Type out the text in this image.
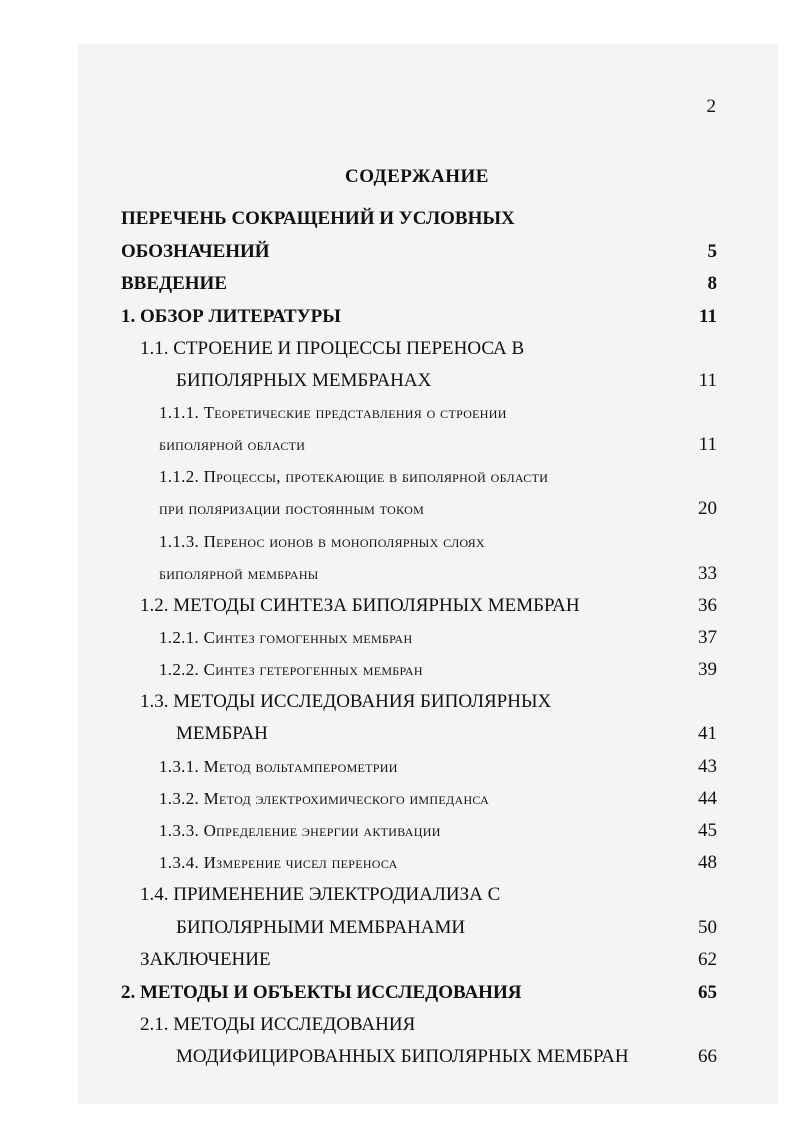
2
СОДЕРЖАНИЕ
ПЕРЕЧЕНЬ СОКРАЩЕНИЙ И УСЛОВНЫХ
ОБОЗНАЧЕНИЙ	5
ВВЕДЕНИЕ	8
1. ОБЗОР ЛИТЕРАТУРЫ	11
1.1. СТРОЕНИЕ И ПРОЦЕССЫ ПЕРЕНОСА В
БИПОЛЯРНЫХ МЕМБРАНАХ	11
1.1.1. Теоретические представления о строении
биполярной области	11
1.1.2. Процессы, протекающие в биполярной области
при поляризации постоянным током	20
1.1.3. Перенос ионов в монополярных слоях
биполярной мембраны	33
1.2. МЕТОДЫ СИНТЕЗА БИПОЛЯРНЫХ МЕМБРАН	36
1.2.1. Синтез гомогенных мембран	37
1.2.2. Синтез гетерогенных мембран	39
1.3. МЕТОДЫ ИССЛЕДОВАНИЯ БИПОЛЯРНЫХ
МЕМБРАН	41
1.3.1. Метод вольтамперометрии	43
1.3.2. Метод электрохимического импеданса	44
1.3.3. Определение энергии активации	45
1.3.4. Измерение чисел переноса	48
1.4. ПРИМЕНЕНИЕ ЭЛЕКТРОДИАЛИЗА С
БИПОЛЯРНЫМИ МЕМБРАНАМИ	50
ЗАКЛЮЧЕНИЕ	62
2. МЕТОДЫ И ОБЪЕКТЫ ИССЛЕДОВАНИЯ	65
2.1. МЕТОДЫ ИССЛЕДОВАНИЯ
МОДИФИЦИРОВАННЫХ БИПОЛЯРНЫХ МЕМБРАН	66
